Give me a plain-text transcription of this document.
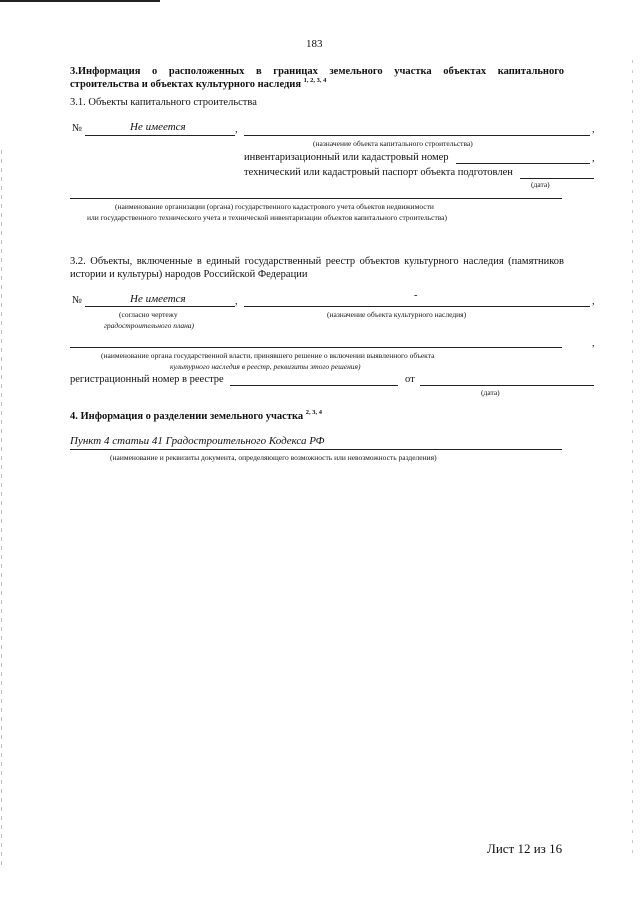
183
3.Информация о расположенных в границах земельного участка объектах капитального
строительства и объектах культурного наследия $^{1, 2, 3, 4}$
3.1. Объекты капитального строительства
№	Не имеется	,	,
(назначение объекта капитального строительства)
инвентаризационный или кадастровый номер	,
технический или кадастровый паспорт объекта подготовлен
(дата)
(наименование организации (органа) государственного кадастрового учета объектов недвижимости
или государственного технического учета и технической инвентаризации объектов капитального строительства)
3.2. Объекты, включенные в единый государственный реестр объектов культурного наследия (памятников
истории и культуры) народов Российской Федерации
№	Не имеется	,
-
,
(согласно чертежу
градостроительного плана)
(назначение объекта культурного наследия)
,
(наименование органа государственной власти, принявшего решение о включении выявленного объекта
культурного наследия в реестр, реквизиты этого решения)
регистрационный номер в реестре	от
(дата)
4. Информация о разделении земельного участка $^{2, 3, 4}$
Пункт 4 статьи 41 Градостроительного Кодекса РФ
(наименование и реквизиты документа, определяющего возможность или невозможность разделения)
Лист 12 из 16
